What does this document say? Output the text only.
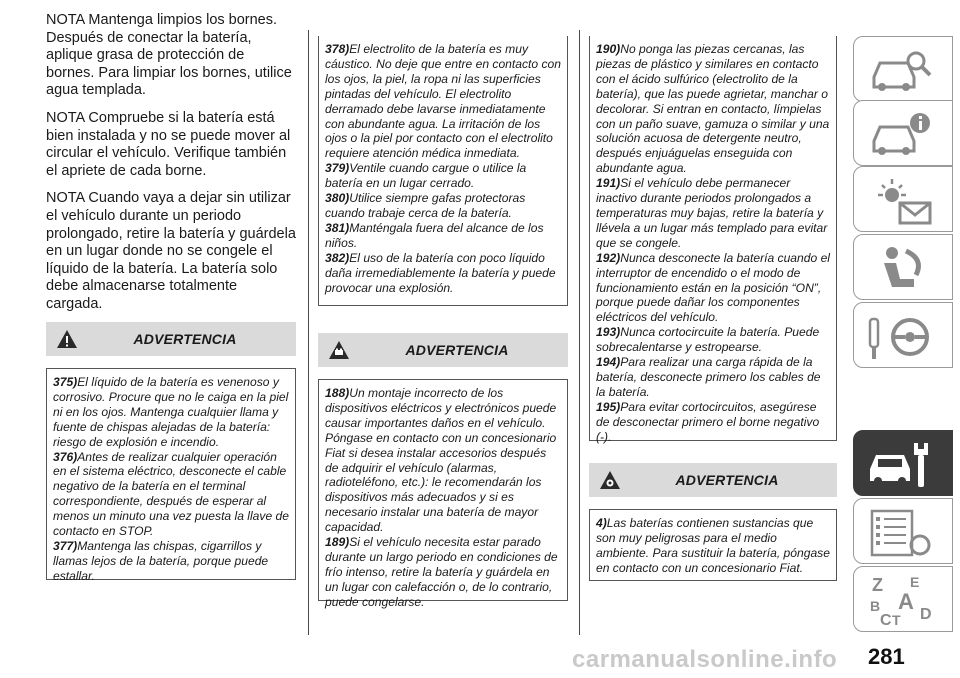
NOTA Mantenga limpios los bornes. Después de conectar la batería, aplique grasa de protección de bornes. Para limpiar los bornes, utilice agua templada.

NOTA Compruebe si la batería está bien instalada y no se puede mover al circular el vehículo. Verifique también el apriete de cada borne.

NOTA Cuando vaya a dejar sin utilizar el vehículo durante un periodo prolongado, retire la batería y guárdela en un lugar donde no se congele el líquido de la batería. La batería solo debe almacenarse totalmente cargada.

ADVERTENCIA
375)El líquido de la batería es venenoso y corrosivo. Procure que no le caiga en la piel ni en los ojos. Mantenga cualquier llama y fuente de chispas alejadas de la batería: riesgo de explosión e incendio.
376)Antes de realizar cualquier operación en el sistema eléctrico, desconecte el cable negativo de la batería en el terminal correspondiente, después de esperar al menos un minuto una vez puesta la llave de contacto en STOP.
377)Mantenga las chispas, cigarrillos y llamas lejos de la batería, porque puede estallar.
378)El electrolito de la batería es muy cáustico. No deje que entre en contacto con los ojos, la piel, la ropa ni las superficies pintadas del vehículo. El electrolito derramado debe lavarse inmediatamente con abundante agua. La irritación de los ojos o la piel por contacto con el electrolito requiere atención médica inmediata.
379)Ventile cuando cargue o utilice la batería en un lugar cerrado.
380)Utilice siempre gafas protectoras cuando trabaje cerca de la batería.
381)Manténgala fuera del alcance de los niños.
382)El uso de la batería con poco líquido daña irremediablemente la batería y puede provocar una explosión.
ADVERTENCIA
188)Un montaje incorrecto de los dispositivos eléctricos y electrónicos puede causar importantes daños en el vehículo. Póngase en contacto con un concesionario Fiat si desea instalar accesorios después de adquirir el vehículo (alarmas, radioteléfono, etc.): le recomendarán los dispositivos más adecuados y si es necesario instalar una batería de mayor capacidad.
189)Si el vehículo necesita estar parado durante un largo periodo en condiciones de frío intenso, retire la batería y guárdela en un lugar con calefacción o, de lo contrario, puede congelarse.
190)No ponga las piezas cercanas, las piezas de plástico y similares en contacto con el ácido sulfúrico (electrolito de la batería), que las puede agrietar, manchar o decolorar. Si entran en contacto, límpielas con un paño suave, gamuza o similar y una solución acuosa de detergente neutro, después enjuáguelas enseguida con abundante agua.
191)Si el vehículo debe permanecer inactivo durante periodos prolongados a temperaturas muy bajas, retire la batería y llévela a un lugar más templado para evitar que se congele.
192)Nunca desconecte la batería cuando el interruptor de encendido o el modo de funcionamiento están en la posición “ON”, porque puede dañar los componentes eléctricos del vehículo.
193)Nunca cortocircuite la batería. Puede sobrecalentarse y estropearse.
194)Para realizar una carga rápida de la batería, desconecte primero los cables de la batería.
195)Para evitar cortocircuitos, asegúrese de desconectar primero el borne negativo (-).
ADVERTENCIA
4)Las baterías contienen sustancias que son muy peligrosas para el medio ambiente. Para sustituir la batería, póngase en contacto con un concesionario Fiat.
Z E
B A
C T D
carmanualsonline.info 281
